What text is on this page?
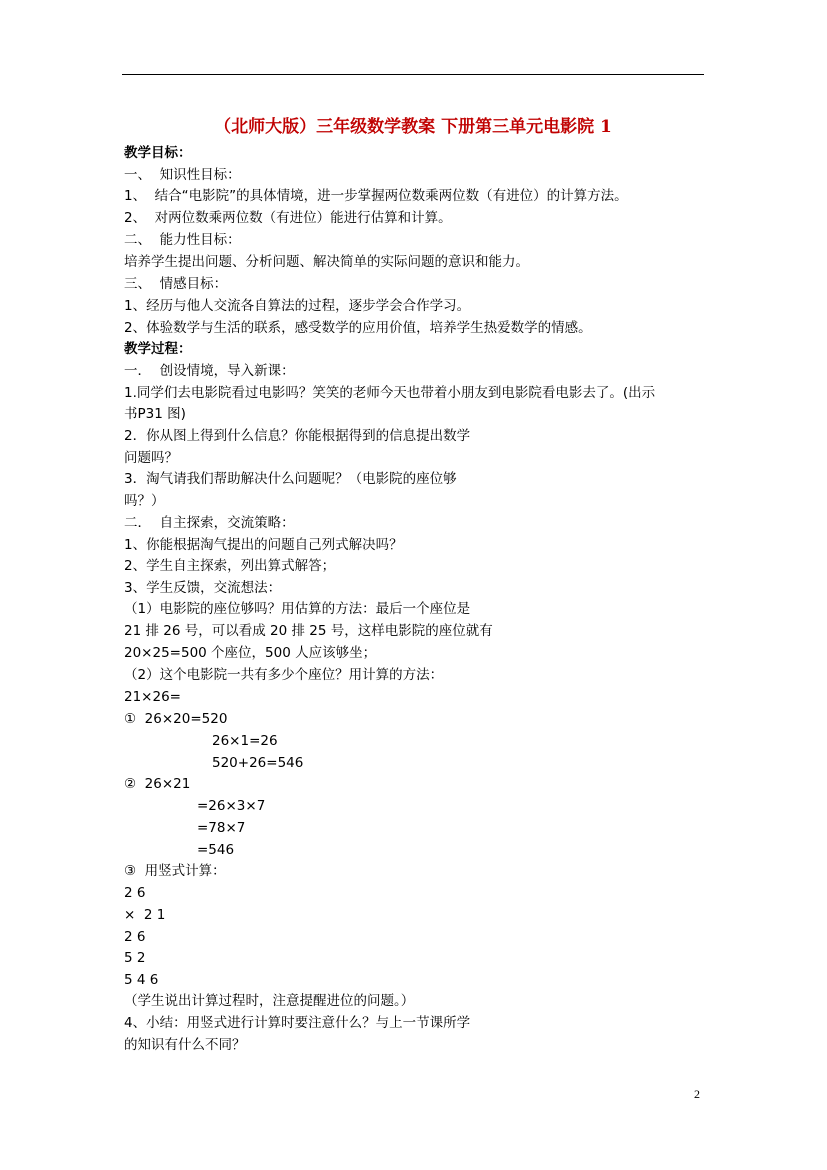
（北师大版）三年级数学教案 下册第三单元电影院 1
教学目标：
一、  知识性目标：
1、  结合“电影院”的具体情境，进一步掌握两位数乘两位数（有进位）的计算方法。
2、  对两位数乘两位数（有进位）能进行估算和计算。
二、  能力性目标：
培养学生提出问题、分析问题、解决简单的实际问题的意识和能力。
三、  情感目标：
1、经历与他人交流各自算法的过程，逐步学会合作学习。
2、体验数学与生活的联系，感受数学的应用价值，培养学生热爱数学的情感。
教学过程：
一．  创设情境，导入新课：
1.同学们去电影院看过电影吗？笑笑的老师今天也带着小朋友到电影院看电影去了。(出示
书P31 图)
2．你从图上得到什么信息？你能根据得到的信息提出数学
问题吗？
3．淘气请我们帮助解决什么问题呢？（电影院的座位够
吗？）
二．  自主探索，交流策略：
1、你能根据淘气提出的问题自己列式解决吗？
2、学生自主探索，列出算式解答；
3、学生反馈，交流想法：
（1）电影院的座位够吗？用估算的方法：最后一个座位是
21 排 26 号，可以看成 20 排 25 号，这样电影院的座位就有
20×25=500 个座位，500 人应该够坐；
（2）这个电影院一共有多少个座位？用计算的方法：
21×26=
①  26×20=520
26×1=26
520+26=546
②  26×21
=26×3×7
=78×7
=546
③  用竖式计算：
2 6
×  2 1
2 6
5 2
5 4 6
（学生说出计算过程时，注意提醒进位的问题。）
4、小结：用竖式进行计算时要注意什么？与上一节课所学
的知识有什么不同？
2
